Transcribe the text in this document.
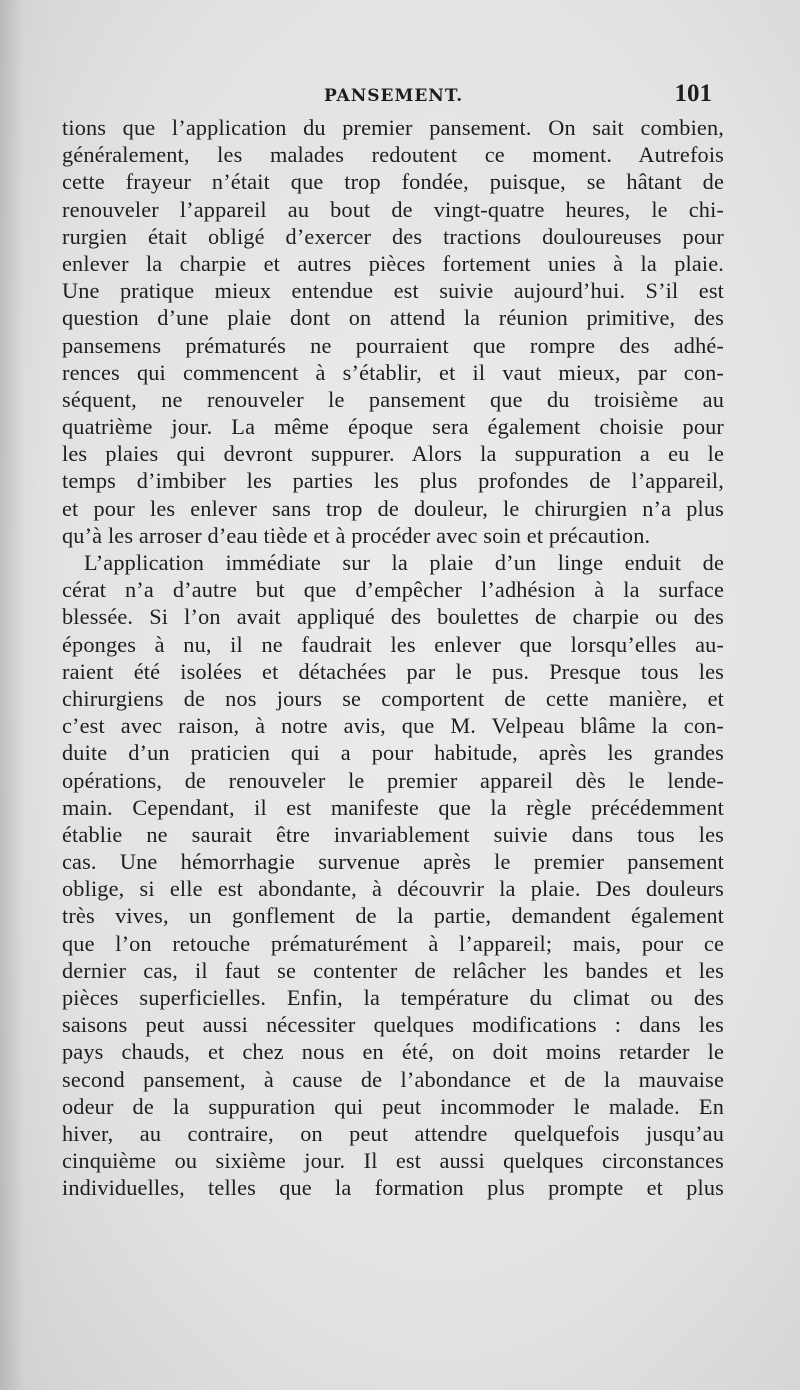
PANSEMENT.	101
tions que l’application du premier pansement. On sait combien,
généralement, les malades redoutent ce moment. Autrefois
cette frayeur n’était que trop fondée, puisque, se hâtant de
renouveler l’appareil au bout de vingt-quatre heures, le chi-
rurgien était obligé d’exercer des tractions douloureuses pour
enlever la charpie et autres pièces fortement unies à la plaie.
Une pratique mieux entendue est suivie aujourd’hui. S’il est
question d’une plaie dont on attend la réunion primitive, des
pansemens prématurés ne pourraient que rompre des adhé-
rences qui commencent à s’établir, et il vaut mieux, par con-
séquent, ne renouveler le pansement que du troisième au
quatrième jour. La même époque sera également choisie pour
les plaies qui devront suppurer. Alors la suppuration a eu le
temps d’imbiber les parties les plus profondes de l’appareil,
et pour les enlever sans trop de douleur, le chirurgien n’a plus
qu’à les arroser d’eau tiède et à procéder avec soin et précaution.
L’application immédiate sur la plaie d’un linge enduit de
cérat n’a d’autre but que d’empêcher l’adhésion à la surface
blessée. Si l’on avait appliqué des boulettes de charpie ou des
éponges à nu, il ne faudrait les enlever que lorsqu’elles au-
raient été isolées et détachées par le pus. Presque tous les
chirurgiens de nos jours se comportent de cette manière, et
c’est avec raison, à notre avis, que M. Velpeau blâme la con-
duite d’un praticien qui a pour habitude, après les grandes
opérations, de renouveler le premier appareil dès le lende-
main. Cependant, il est manifeste que la règle précédemment
établie ne saurait être invariablement suivie dans tous les
cas. Une hémorrhagie survenue après le premier pansement
oblige, si elle est abondante, à découvrir la plaie. Des douleurs
très vives, un gonflement de la partie, demandent également
que l’on retouche prématurément à l’appareil; mais, pour ce
dernier cas, il faut se contenter de relâcher les bandes et les
pièces superficielles. Enfin, la température du climat ou des
saisons peut aussi nécessiter quelques modifications : dans les
pays chauds, et chez nous en été, on doit moins retarder le
second pansement, à cause de l’abondance et de la mauvaise
odeur de la suppuration qui peut incommoder le malade. En
hiver, au contraire, on peut attendre quelquefois jusqu’au
cinquième ou sixième jour. Il est aussi quelques circonstances
individuelles, telles que la formation plus prompte et plus
